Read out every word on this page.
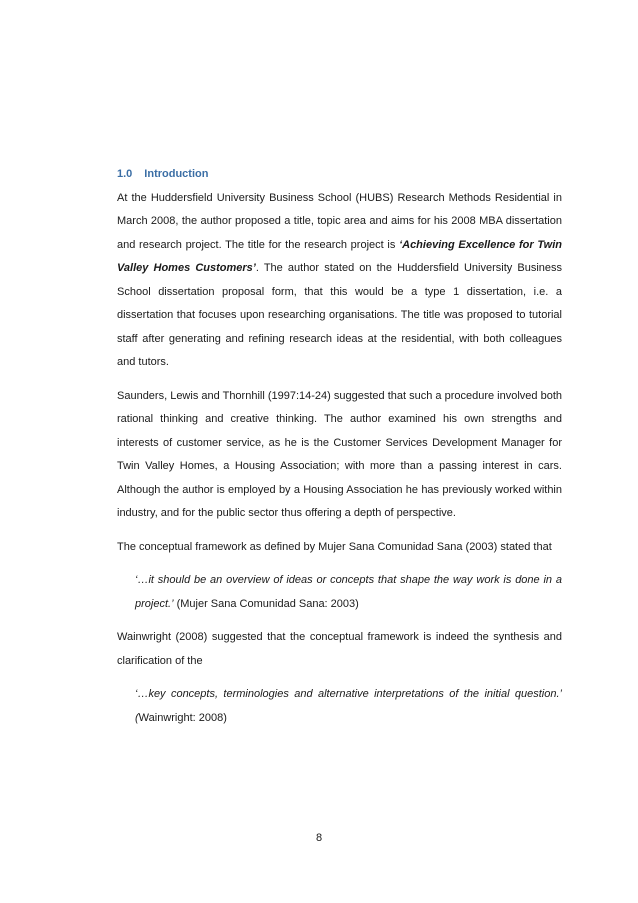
1.0 Introduction

At the Huddersfield University Business School (HUBS) Research Methods Residential in March 2008, the author proposed a title, topic area and aims for his 2008 MBA dissertation and research project. The title for the research project is ‘Achieving Excellence for Twin Valley Homes Customers’. The author stated on the Huddersfield University Business School dissertation proposal form, that this would be a type 1 dissertation, i.e. a dissertation that focuses upon researching organisations. The title was proposed to tutorial staff after generating and refining research ideas at the residential, with both colleagues and tutors.

Saunders, Lewis and Thornhill (1997:14-24) suggested that such a procedure involved both rational thinking and creative thinking. The author examined his own strengths and interests of customer service, as he is the Customer Services Development Manager for Twin Valley Homes, a Housing Association; with more than a passing interest in cars. Although the author is employed by a Housing Association he has previously worked within industry, and for the public sector thus offering a depth of perspective.

The conceptual framework as defined by Mujer Sana Comunidad Sana (2003) stated that

‘…it should be an overview of ideas or concepts that shape the way work is done in a project.’ (Mujer Sana Comunidad Sana: 2003)

Wainwright (2008) suggested that the conceptual framework is indeed the synthesis and clarification of the

‘…key concepts, terminologies and alternative interpretations of the initial question.’ (Wainwright: 2008)
8
